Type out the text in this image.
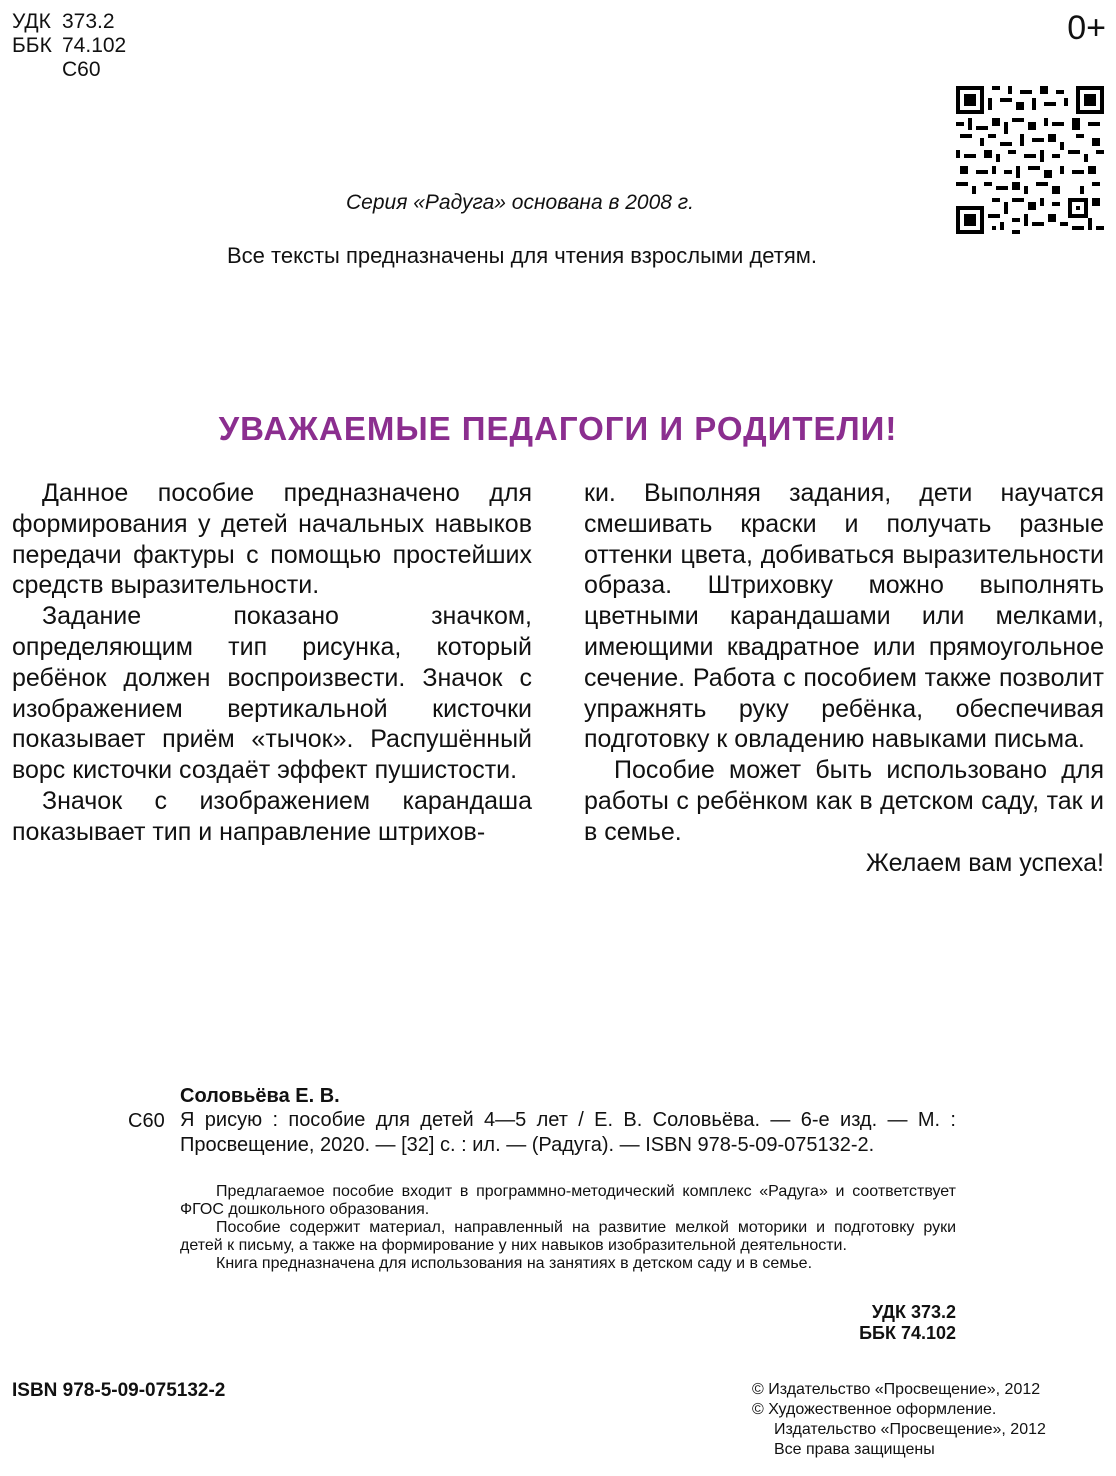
УДК 373.2
ББК 74.102
С60
0+
Серия «Радуга» основана в 2008 г.
Все тексты предназначены для чтения взрослыми детям.
УВАЖАЕМЫЕ ПЕДАГОГИ И РОДИТЕЛИ!

Данное пособие предназначено для формирования у детей начальных навыков передачи фактуры с помощью простейших средств выразительности.

Задание показано значком, определяющим тип рисунка, который ребёнок должен воспроизвести. Значок с изображением вертикальной кисточки показывает приём «тычок». Распушённый ворс кисточки создаёт эффект пушистости.

Значок с изображением карандаша показывает тип и направление штрихов-

ки. Выполняя задания, дети научатся смешивать краски и получать разные оттенки цвета, добиваться выразительности образа. Штриховку можно выполнять цветными карандашами или мелками, имеющими квадратное или прямоугольное сечение. Работа с пособием также позволит упражнять руку ребёнка, обеспечивая подготовку к овладению навыками письма.

Пособие может быть использовано для работы с ребёнком как в детском саду, так и в семье.

Желаем вам успеха!

Соловьёва Е. В.
С60 Я рисую : пособие для детей 4—5 лет / Е. В. Соловьёва. — 6-е изд. — М. : Просвещение, 2020. — [32] с. : ил. — (Радуга). — ISBN 978-5-09-075132-2.

Предлагаемое пособие входит в программно-методический комплекс «Радуга» и соответствует ФГОС дошкольного образования.

Пособие содержит материал, направленный на развитие мелкой моторики и подготовку руки детей к письму, а также на формирование у них навыков изобразительной деятельности.

Книга предназначена для использования на занятиях в детском саду и в семье.

УДК 373.2
ББК 74.102
ISBN 978-5-09-075132-2	© Издательство «Просвещение», 2012
© Художественное оформление.
Издательство «Просвещение», 2012
Все права защищены
